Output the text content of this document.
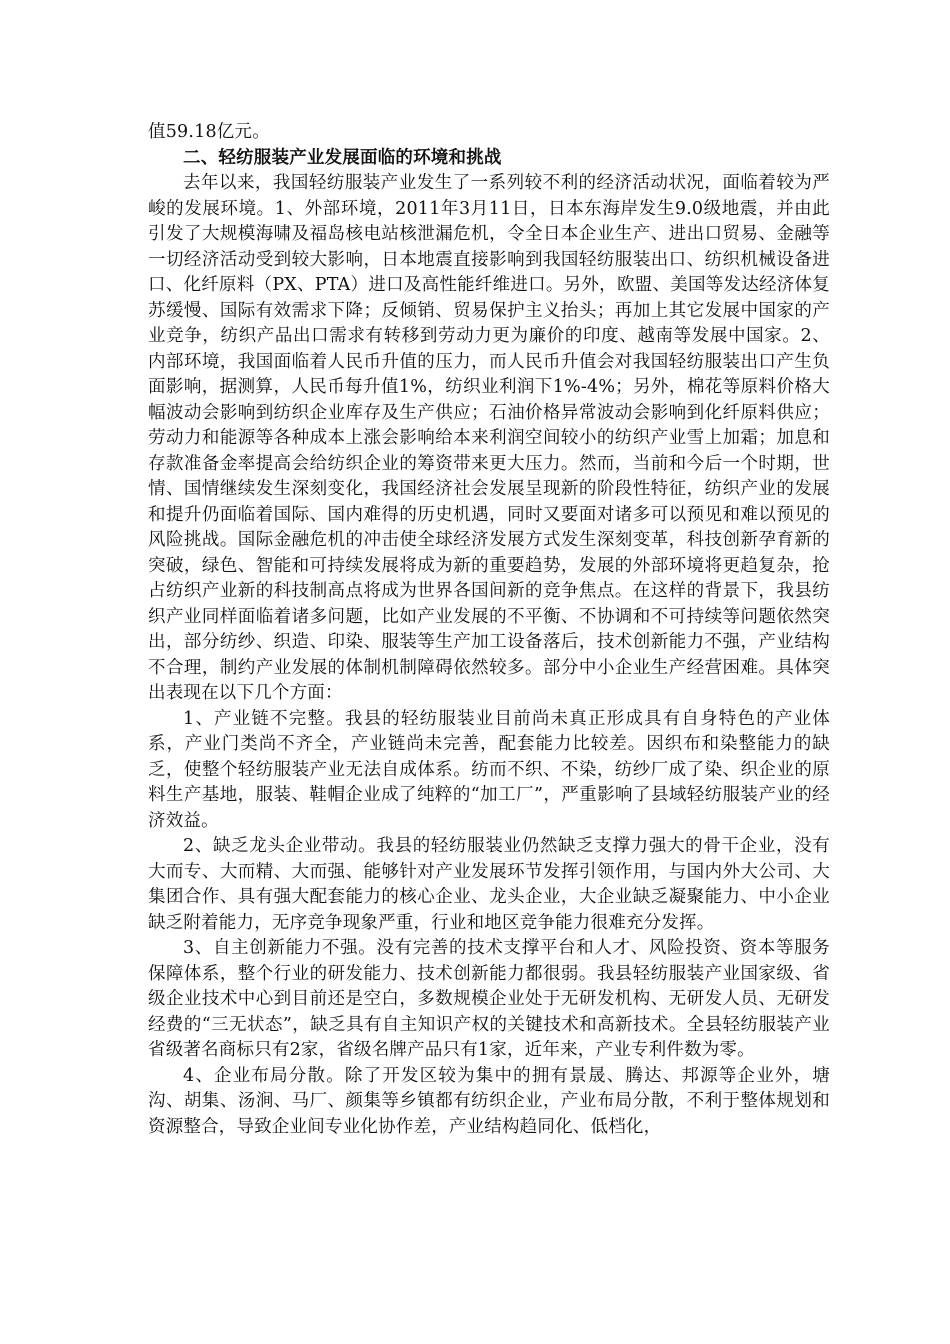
值59.18亿元。

二、轻纺服装产业发展面临的环境和挑战

去年以来，我国轻纺服装产业发生了一系列较不利的经济活动状况，面临着较为严峻的发展环境。1、外部环境，2011年3月11日，日本东海岸发生9.0级地震，并由此引发了大规模海啸及福岛核电站核泄漏危机，令全日本企业生产、进出口贸易、金融等一切经济活动受到较大影响，日本地震直接影响到我国轻纺服装出口、纺织机械设备进口、化纤原料（PX、PTA）进口及高性能纤维进口。另外，欧盟、美国等发达经济体复苏缓慢、国际有效需求下降；反倾销、贸易保护主义抬头；再加上其它发展中国家的产业竞争，纺织产品出口需求有转移到劳动力更为廉价的印度、越南等发展中国家。2、内部环境，我国面临着人民币升值的压力，而人民币升值会对我国轻纺服装出口产生负面影响，据测算，人民币每升值1%，纺织业利润下1%-4%；另外，棉花等原料价格大幅波动会影响到纺织企业库存及生产供应；石油价格异常波动会影响到化纤原料供应；劳动力和能源等各种成本上涨会影响给本来利润空间较小的纺织产业雪上加霜；加息和存款准备金率提高会给纺织企业的筹资带来更大压力。然而，当前和今后一个时期，世情、国情继续发生深刻变化，我国经济社会发展呈现新的阶段性特征，纺织产业的发展和提升仍面临着国际、国内难得的历史机遇，同时又要面对诸多可以预见和难以预见的风险挑战。国际金融危机的冲击使全球经济发展方式发生深刻变革，科技创新孕育新的突破，绿色、智能和可持续发展将成为新的重要趋势，发展的外部环境将更趋复杂，抢占纺织产业新的科技制高点将成为世界各国间新的竞争焦点。在这样的背景下，我县纺织产业同样面临着诸多问题，比如产业发展的不平衡、不协调和不可持续等问题依然突出，部分纺纱、织造、印染、服装等生产加工设备落后，技术创新能力不强，产业结构不合理，制约产业发展的体制机制障碍依然较多。部分中小企业生产经营困难。具体突出表现在以下几个方面：

1、产业链不完整。我县的轻纺服装业目前尚未真正形成具有自身特色的产业体系，产业门类尚不齐全，产业链尚未完善，配套能力比较差。因织布和染整能力的缺乏，使整个轻纺服装产业无法自成体系。纺而不织、不染，纺纱厂成了染、织企业的原料生产基地，服装、鞋帽企业成了纯粹的“加工厂”，严重影响了县域轻纺服装产业的经济效益。

2、缺乏龙头企业带动。我县的轻纺服装业仍然缺乏支撑力强大的骨干企业，没有大而专、大而精、大而强、能够针对产业发展环节发挥引领作用，与国内外大公司、大集团合作、具有强大配套能力的核心企业、龙头企业，大企业缺乏凝聚能力、中小企业缺乏附着能力，无序竞争现象严重，行业和地区竞争能力很难充分发挥。

3、自主创新能力不强。没有完善的技术支撑平台和人才、风险投资、资本等服务保障体系，整个行业的研发能力、技术创新能力都很弱。我县轻纺服装产业国家级、省级企业技术中心到目前还是空白，多数规模企业处于无研发机构、无研发人员、无研发经费的“三无状态”，缺乏具有自主知识产权的关键技术和高新技术。全县轻纺服装产业省级著名商标只有2家，省级名牌产品只有1家，近年来，产业专利件数为零。

4、企业布局分散。除了开发区较为集中的拥有景晟、腾达、邦源等企业外，塘沟、胡集、汤涧、马厂、颜集等乡镇都有纺织企业，产业布局分散，不利于整体规划和资源整合，导致企业间专业化协作差，产业结构趋同化、低档化，
